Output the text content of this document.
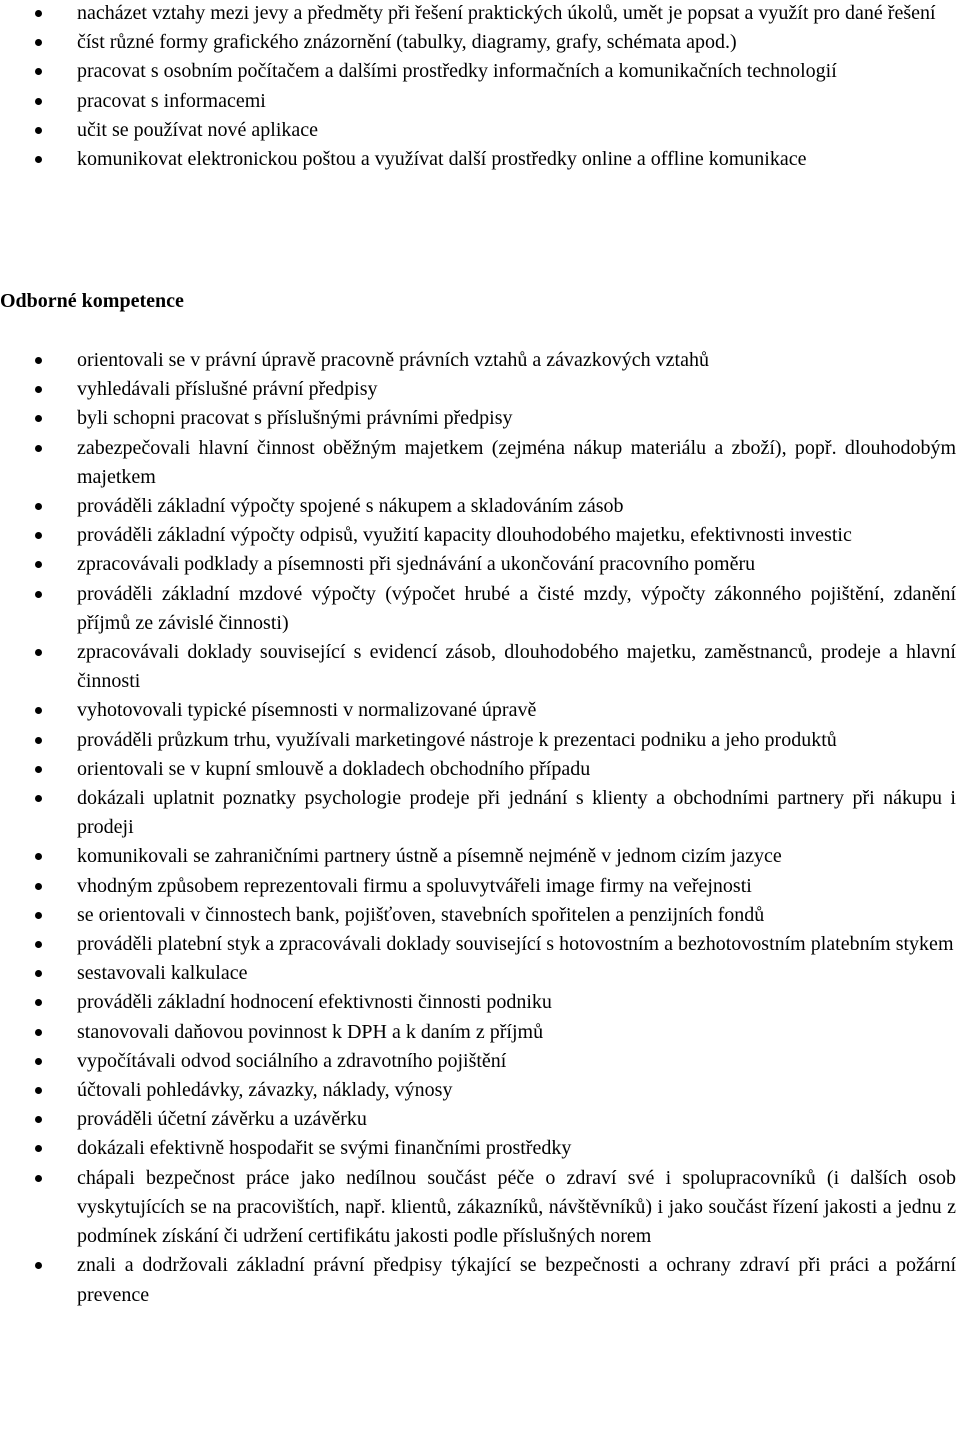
nacházet vztahy mezi jevy a předměty při řešení praktických úkolů, umět je popsat a využít pro dané řešení
číst různé formy grafického znázornění (tabulky, diagramy, grafy, schémata apod.)
pracovat s osobním počítačem a dalšími prostředky informačních a komunikačních technologií
pracovat s informacemi
učit se používat nové aplikace
komunikovat elektronickou poštou a využívat další prostředky online a offline komunikace
Odborné kompetence
orientovali se v právní úpravě pracovně právních vztahů a závazkových vztahů
vyhledávali příslušné právní předpisy
byli schopni pracovat s příslušnými právními předpisy
zabezpečovali hlavní činnost oběžným majetkem (zejména nákup materiálu a zboží), popř. dlouhodobým majetkem
prováděli základní výpočty spojené s nákupem a skladováním zásob
prováděli základní výpočty odpisů, využití kapacity dlouhodobého majetku, efektivnosti investic
zpracovávali podklady a písemnosti při sjednávání a ukončování pracovního poměru
prováděli základní mzdové výpočty (výpočet hrubé a čisté mzdy, výpočty zákonného pojištění, zdanění příjmů ze závislé činnosti)
zpracovávali doklady související s evidencí zásob, dlouhodobého majetku, zaměstnanců, prodeje a hlavní činnosti
vyhotovovali typické písemnosti v normalizované úpravě
prováděli průzkum trhu, využívali marketingové nástroje k prezentaci podniku a jeho produktů
orientovali se v kupní smlouvě a dokladech obchodního případu
dokázali uplatnit poznatky psychologie prodeje při jednání s klienty a obchodními partnery při nákupu i prodeji
komunikovali se zahraničními partnery ústně a písemně nejméně v jednom cizím jazyce
vhodným způsobem reprezentovali firmu a spoluvytvářeli image firmy na veřejnosti
se orientovali v činnostech bank, pojišťoven, stavebních spořitelen a penzijních fondů
prováděli platební styk a zpracovávali doklady související s hotovostním a bezhotovostním platebním stykem
sestavovali kalkulace
prováděli základní hodnocení efektivnosti činnosti podniku
stanovovali daňovou povinnost k DPH a k daním z příjmů
vypočítávali odvod sociálního a zdravotního pojištění
účtovali pohledávky, závazky, náklady, výnosy
prováděli účetní závěrku a uzávěrku
dokázali efektivně hospodařit se svými finančními prostředky
chápali bezpečnost práce jako nedílnou součást péče o zdraví své i spolupracovníků (i dalších osob vyskytujících se na pracovištích, např. klientů, zákazníků, návštěvníků) i jako součást řízení jakosti a jednu z podmínek získání či udržení certifikátu jakosti podle příslušných norem
znali a dodržovali základní právní předpisy týkající se bezpečnosti a ochrany zdraví při práci a požární prevence
